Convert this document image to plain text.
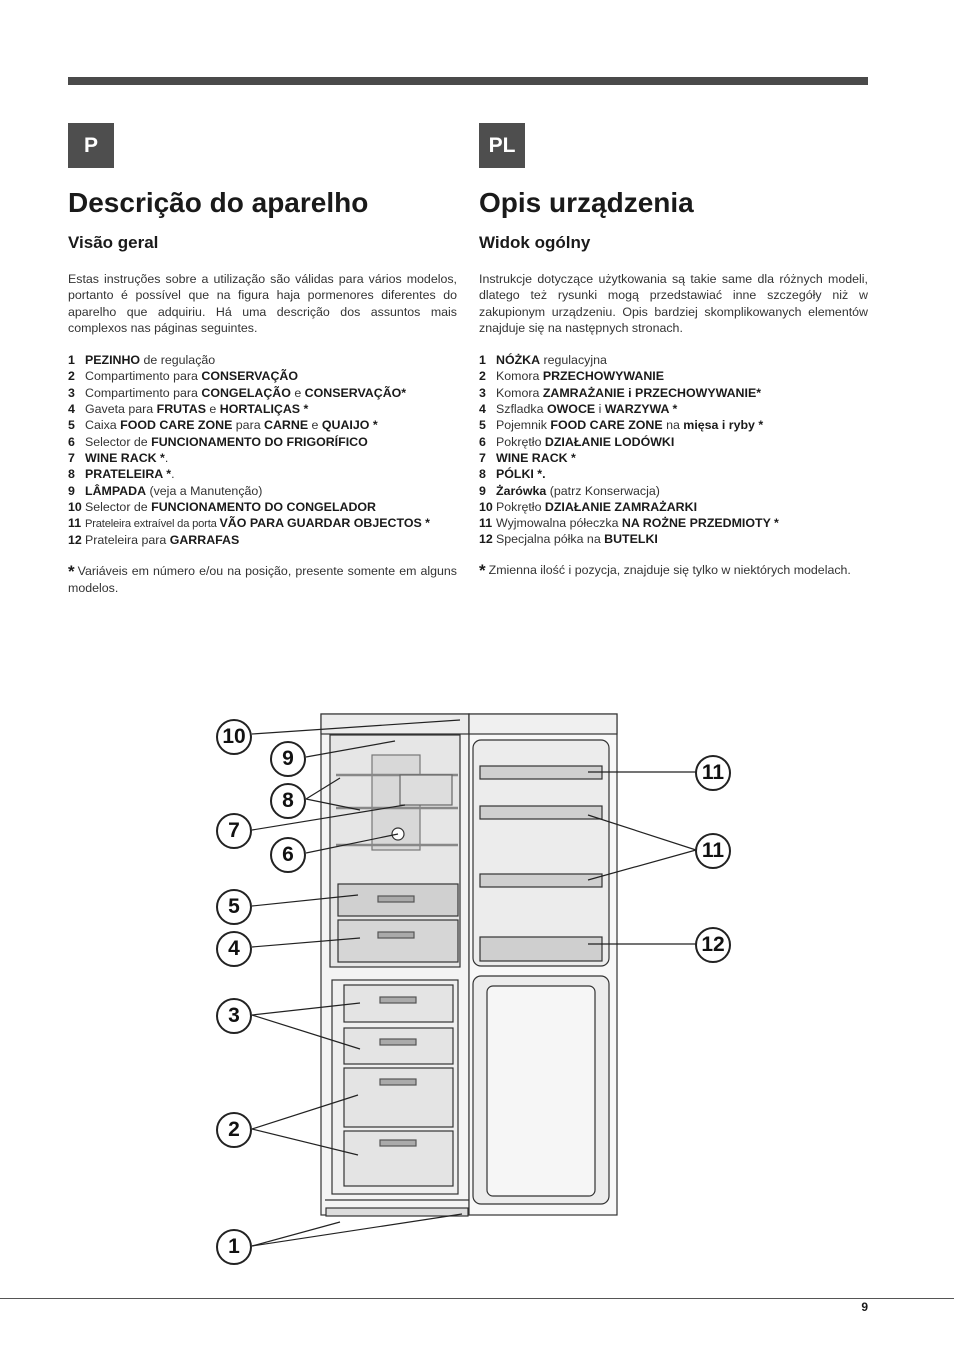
P	PL
Descrição do aparelho
Visão geral

Estas instruções sobre a utilização são válidas para vários modelos, portanto é possível que na figura haja pormenores diferentes do aparelho que adquiriu. Há uma descrição dos assuntos mais complexos nas páginas seguintes.

1 PEZINHO de regulação
2 Compartimento para CONSERVAÇÃO
3 Compartimento para CONGELAÇÃO e CONSERVAÇÃO*
4 Gaveta para FRUTAS e HORTALIÇAS *
5 Caixa FOOD CARE ZONE para CARNE e QUAIJO *
6 Selector de FUNCIONAMENTO DO FRIGORÍFICO
7 WINE RACK *.
8 PRATELEIRA *.
9 LÂMPADA (veja a Manutenção)
10 Selector de FUNCIONAMENTO DO CONGELADOR
11 Prateleira extraível da porta VÃO PARA GUARDAR OBJECTOS *
12 Prateleira para GARRAFAS

* Variáveis em número e/ou na posição, presente somente em alguns modelos.

Opis urządzenia
Widok ogólny

Instrukcje dotyczące użytkowania są takie same dla różnych modeli, dlatego też rysunki mogą przedstawiać inne szczegóły niż w zakupionym urządzeniu. Opis bardziej skomplikowanych elementów znajduje się na następnych stronach.

1 NÓŻKA regulacyjna
2 Komora PRZECHOWYWANIE
3 Komora ZAMRAŻANIE i PRZECHOWYWANIE*
4 Szfladka OWOCE i WARZYWA *
5 Pojemnik FOOD CARE ZONE na mięsa i ryby *
6 Pokrętło DZIAŁANIE LODÓWKI
7 WINE RACK *
8 PÓLKI *.
9 Żarówka (patrz Konserwacja)
10 Pokrętło DZIAŁANIE ZAMRAŻARKI
11 Wyjmowalna półeczka NA ROŻNE PRZEDMIOTY *
12 Specjalna półka na BUTELKI

* Zmienna ilość i pozycja, znajduje się tylko w niektórych modelach.

10
9
8
7
6
5
4
3
2
1
11
11
12
9
